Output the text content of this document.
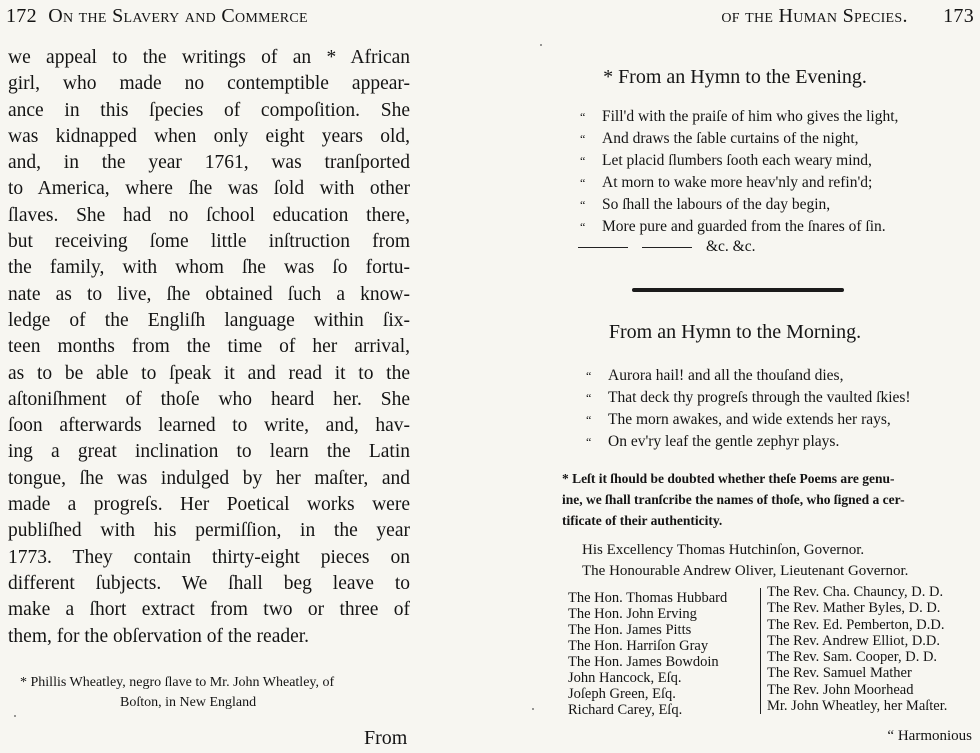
172 On the Slavery and Commerce
we appeal to the writings of an * African
girl, who made no contemptible appear-
ance in this ſpecies of compoſition. She
was kidnapped when only eight years old,
and, in the year 1761, was tranſported
to America, where ſhe was ſold with other
ſlaves. She had no ſchool education there,
but receiving ſome little inſtruction from
the family, with whom ſhe was ſo fortu-
nate as to live, ſhe obtained ſuch a know-
ledge of the Engliſh language within ſix-
teen months from the time of her arrival,
as to be able to ſpeak it and read it to the
aſtoniſhment of thoſe who heard her. She
ſoon afterwards learned to write, and, hav-
ing a great inclination to learn the Latin
tongue, ſhe was indulged by her maſter, and
made a progreſs. Her Poetical works were
publiſhed with his permiſſion, in the year
1773. They contain thirty-eight pieces on
different ſubjects. We ſhall beg leave to
make a ſhort extract from two or three of
them, for the obſervation of the reader.
* Phillis Wheatley, negro ſlave to Mr. John Wheatley, of
Boſton, in New England
From
of the Human Species. 173
* From an Hymn to the Evening.
“ Fill'd with the praiſe of him who gives the light,
“ And draws the ſable curtains of the night,
“ Let placid ſlumbers ſooth each weary mind,
“ At morn to wake more heav'nly and refin'd;
“ So ſhall the labours of the day begin,
“ More pure and guarded from the ſnares of ſin.
&c. &c.
From an Hymn to the Morning.
“ Aurora hail! and all the thouſand dies,
“ That deck thy progreſs through the vaulted ſkies!
“ The morn awakes, and wide extends her rays,
“ On ev'ry leaf the gentle zephyr plays.
* Leſt it ſhould be doubted whether theſe Poems are genu-
ine, we ſhall tranſcribe the names of thoſe, who ſigned a cer-
tificate of their authenticity.
His Excellency Thomas Hutchinſon, Governor.
The Honourable Andrew Oliver, Lieutenant Governor.
The Hon. Thomas Hubbard
The Hon. John Erving
The Hon. James Pitts
The Hon. Harriſon Gray
The Hon. James Bowdoin
John Hancock, Eſq.
Joſeph Green, Eſq.
Richard Carey, Eſq.
The Rev. Cha. Chauncy, D. D.
The Rev. Mather Byles, D. D.
The Rev. Ed. Pemberton, D.D.
The Rev. Andrew Elliot, D.D.
The Rev. Sam. Cooper, D. D.
The Rev. Samuel Mather
The Rev. John Moorhead
Mr. John Wheatley, her Maſter.
“ Harmonious
